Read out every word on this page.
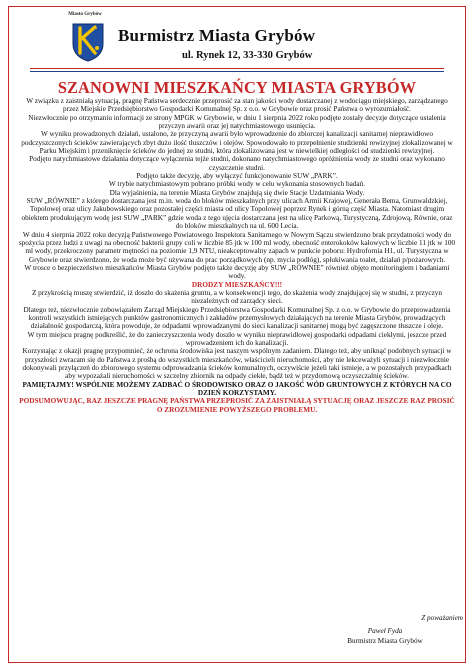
Miasto Grybów
Burmistrz Miasta Grybów
ul. Rynek 12, 33-330 Grybów
SZANOWNI MIESZKAŃCY MIASTA GRYBÓW

W związku z zaistniałą sytuacją, pragnę Państwa serdecznie przeprosić za stan jakości wody dostarczanej z wodociągu miejskiego, zarządzanego przez Miejskie Przedsiębiorstwo Gospodarki Komunalnej Sp. z o.o. w Grybowie oraz prosić Państwa o wyrozumiałość.

Niezwłocznie po otrzymaniu informacji ze strony MPGK w Grybowie, w dniu 1 sierpnia 2022 roku podjęte zostały decyzje dotyczące ustalenia przyczyn awarii oraz jej natychmiastowego usunięcia.

W wyniku prowadzonych działań, ustalono, że przyczyną awarii było wprowadzenie do zbiorczej kanalizacji sanitarnej nieprawidłowo podczyszczonych ścieków zawierających zbyt dużo ilość tłuszczów i olejów. Spowodowało to przepełnienie studzienki rewizyjnej zlokalizowanej w Parku Miejskim i przeniknięcie ścieków do jednej ze studni, która zlokalizowana jest w niewielkiej odległości od studzienki rewizyjnej.

Podjęto natychmiastowe działania dotyczące wyłączenia tejże studni, dokonano natychmiastowego opróżnienia wody ze studni oraz wykonano czyszczenie studni.

Podjęto także decyzję, aby wyłączyć funkcjonowanie SUW „PARK”.

W trybie natychmiastowym pobrano próbki wody w celu wykonania stosownych badań.

Dla wyjaśnienia, na terenie Miasta Grybów znajdują się dwie Stacje Uzdatniania Wody.

SUW „RÓWNIE” z którego dostarczana jest m.in. woda do bloków mieszkalnych przy ulicach Armii Krajowej, Generała Bema, Grunwaldzkiej, Topolowej oraz ulicy Jakubowskiego oraz pozostałej części miasta od ulicy Topolowej poprzez Rynek i górną część Miasta. Natomiast drugim obiektem produkującym wodę jest SUW „PARK” gdzie woda z tego ujęcia dostarczana jest na ulicę Parkową, Turystyczną, Zdrojową, Równie, oraz do bloków mieszkalnych na ul. 600 Lecia.

W dniu 4 sierpnia 2022 roku decyzją Państwowego Powiatowego Inspektora Sanitarnego w Nowym Sączu stwierdzono brak przydatności wody do spożycia przez ludzi z uwagi na obecność bakterii grupy coli w liczbie 85 jtk w 100 ml wody, obecność enterokoków kałowych w liczbie 11 jtk w 100 ml wody, przekroczony parametr mętności na poziomie 1,9 NTU, nieakceptowalny zapach w punkcie poboru: Hydrofornia H1, ul. Turystyczna w Grybowie oraz stwierdzono, że woda może być używana do prac porządkowych (np. mycia podłóg), spłukiwania toalet, działań p/pożarowych.

W trosce o bezpieczeństwo mieszkańców Miasta Grybów podjęto także decyzję aby SUW „RÓWNIE” również objęto monitoringiem i badaniami wody.

DRODZY MIESZKAŃCY!!!

Z przykrością muszę stwierdzić, iż doszło do skażenia gruntu, a w konsekwencji tego, do skażenia wody znajdującej się w studni, z przyczyn niezależnych od zarządcy sieci.

Dlatego też, niezwłocznie zobowiązałem Zarząd Miejskiego Przedsiębiorstwa Gospodarki Komunalnej Sp. z o.o. w Grybowie do przeprowadzenia kontroli wszystkich istniejących punktów gastronomicznych i zakładów przemysłowych działających na terenie Miasta Grybów, prowadzących działalność gospodarczą, która powoduje, że odpadami wprowadzanymi do sieci kanalizacji sanitarnej mogą być zagęszczone tłuszcze i oleje.

W tym miejscu pragnę podkreślić, że do zanieczyszczenia wody doszło w wyniku nieprawidłowej gospodarki odpadami ciekłymi, jeszcze przed wprowadzeniem ich do kanalizacji.

Korzystając z okazji pragnę przypomnieć, że ochrona środowiska jest naszym wspólnym zadaniem. Dlatego też, aby uniknąć podobnych sytuacji w przyszłości zwracam się do Państwa z prośbą do wszystkich mieszkańców, właścicieli nieruchomości, aby nie lekceważyli sytuacji i niezwłocznie dokonywali przyłączeń do zbiorowego systemu odprowadzania ścieków komunalnych, oczywiście jeżeli taki istnieje, a w pozostałych przypadkach aby wypozażali nieruchomości w szczelny zbiornik na odpady ciekłe, bądź też w przydomową oczyszczalnię ścieków.

PAMIĘTAJMY! WSPÓLNIE MOŻEMY ZADBAĆ O ŚRODOWISKO ORAZ O JAKOŚĆ WÓD GRUNTOWYCH Z KTÓRYCH NA CO DZIEŃ KORZYSTAMY.

PODSUMOWUJĄC, RAZ JESZCZE PRAGNĘ PAŃSTWA PRZEPROSIĆ ZA ZAISTNIAŁĄ SYTUACJĘ ORAZ JESZCZE RAZ PROSIĆ O ZROZUMIENIE POWYŻSZEGO PROBLEMU.

Z poważaniem
Paweł Fyda
Burmistrz Miasta Grybów
